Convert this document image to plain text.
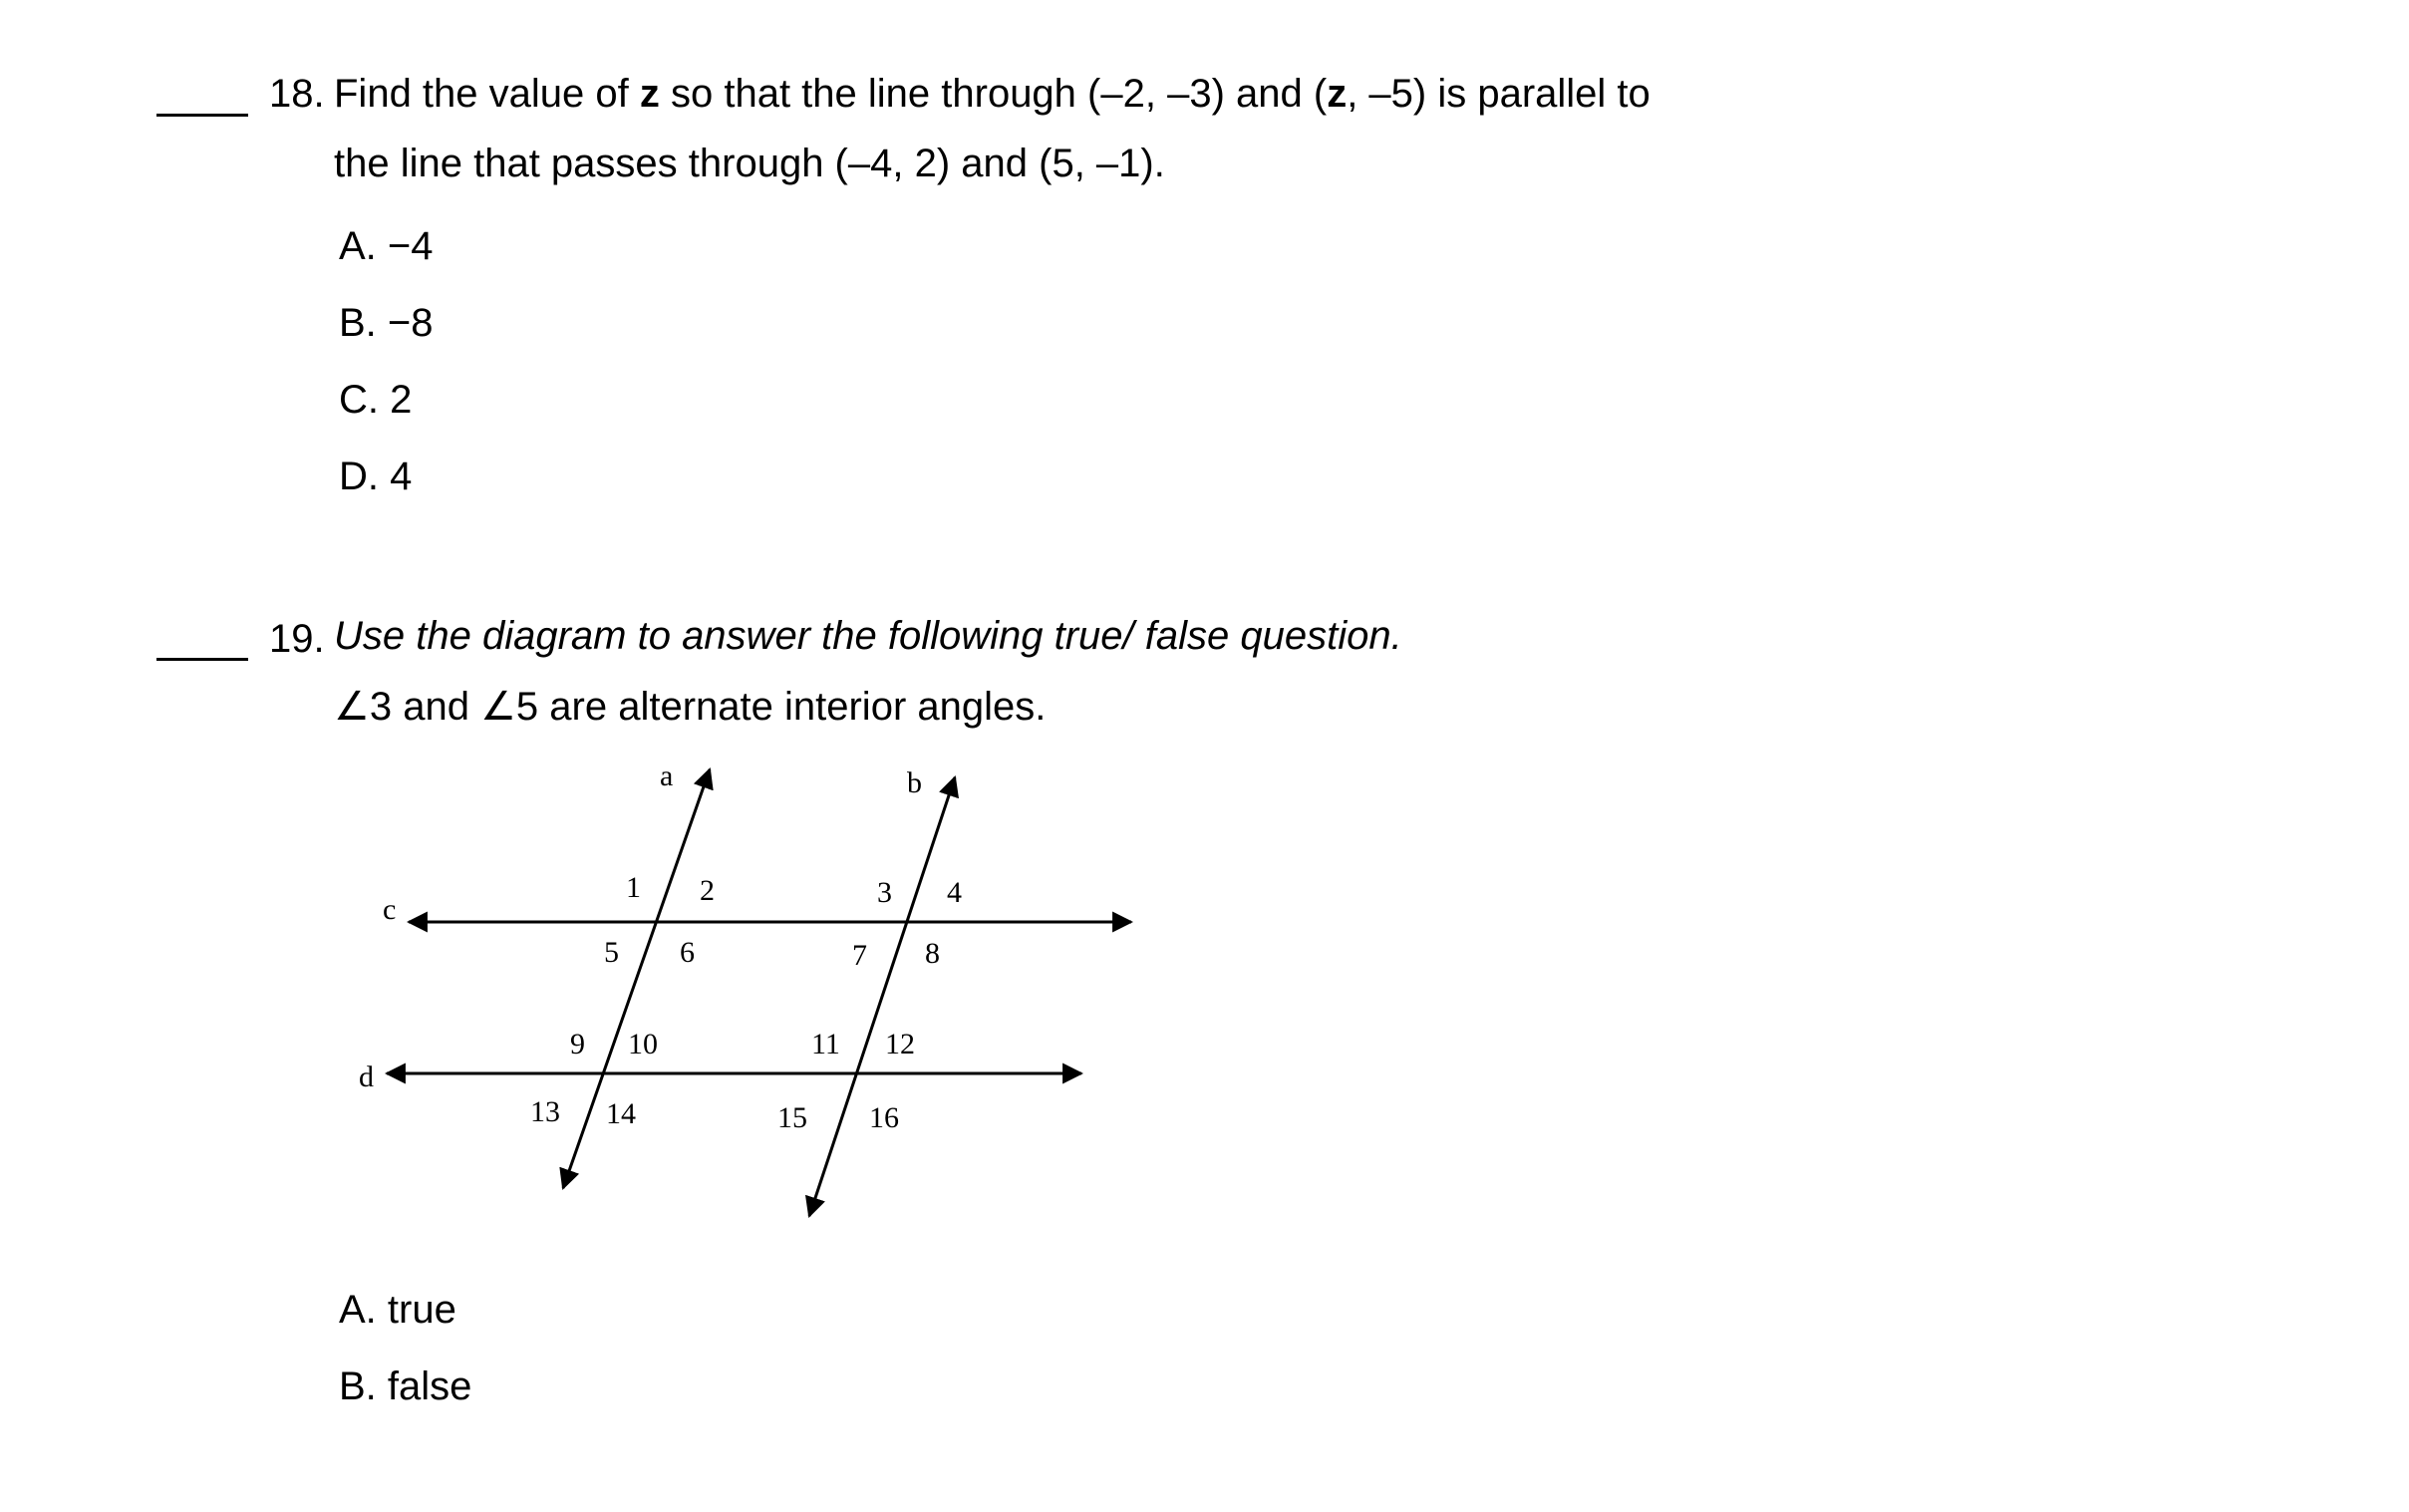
18. Find the value of z so that the line through (–2, –3) and (z, –5) is parallel to
the line that passes through (–4, 2) and (5, –1).
A. −4
B. −8
C. 2
D. 4
19. Use the diagram to answer the following true/ false question.
∠3 and ∠5 are alternate interior angles.
a	b
c
d
1 2	3 4
5 6	7 8
9 10	11 12
13 14	15 16
A. true
B. false
